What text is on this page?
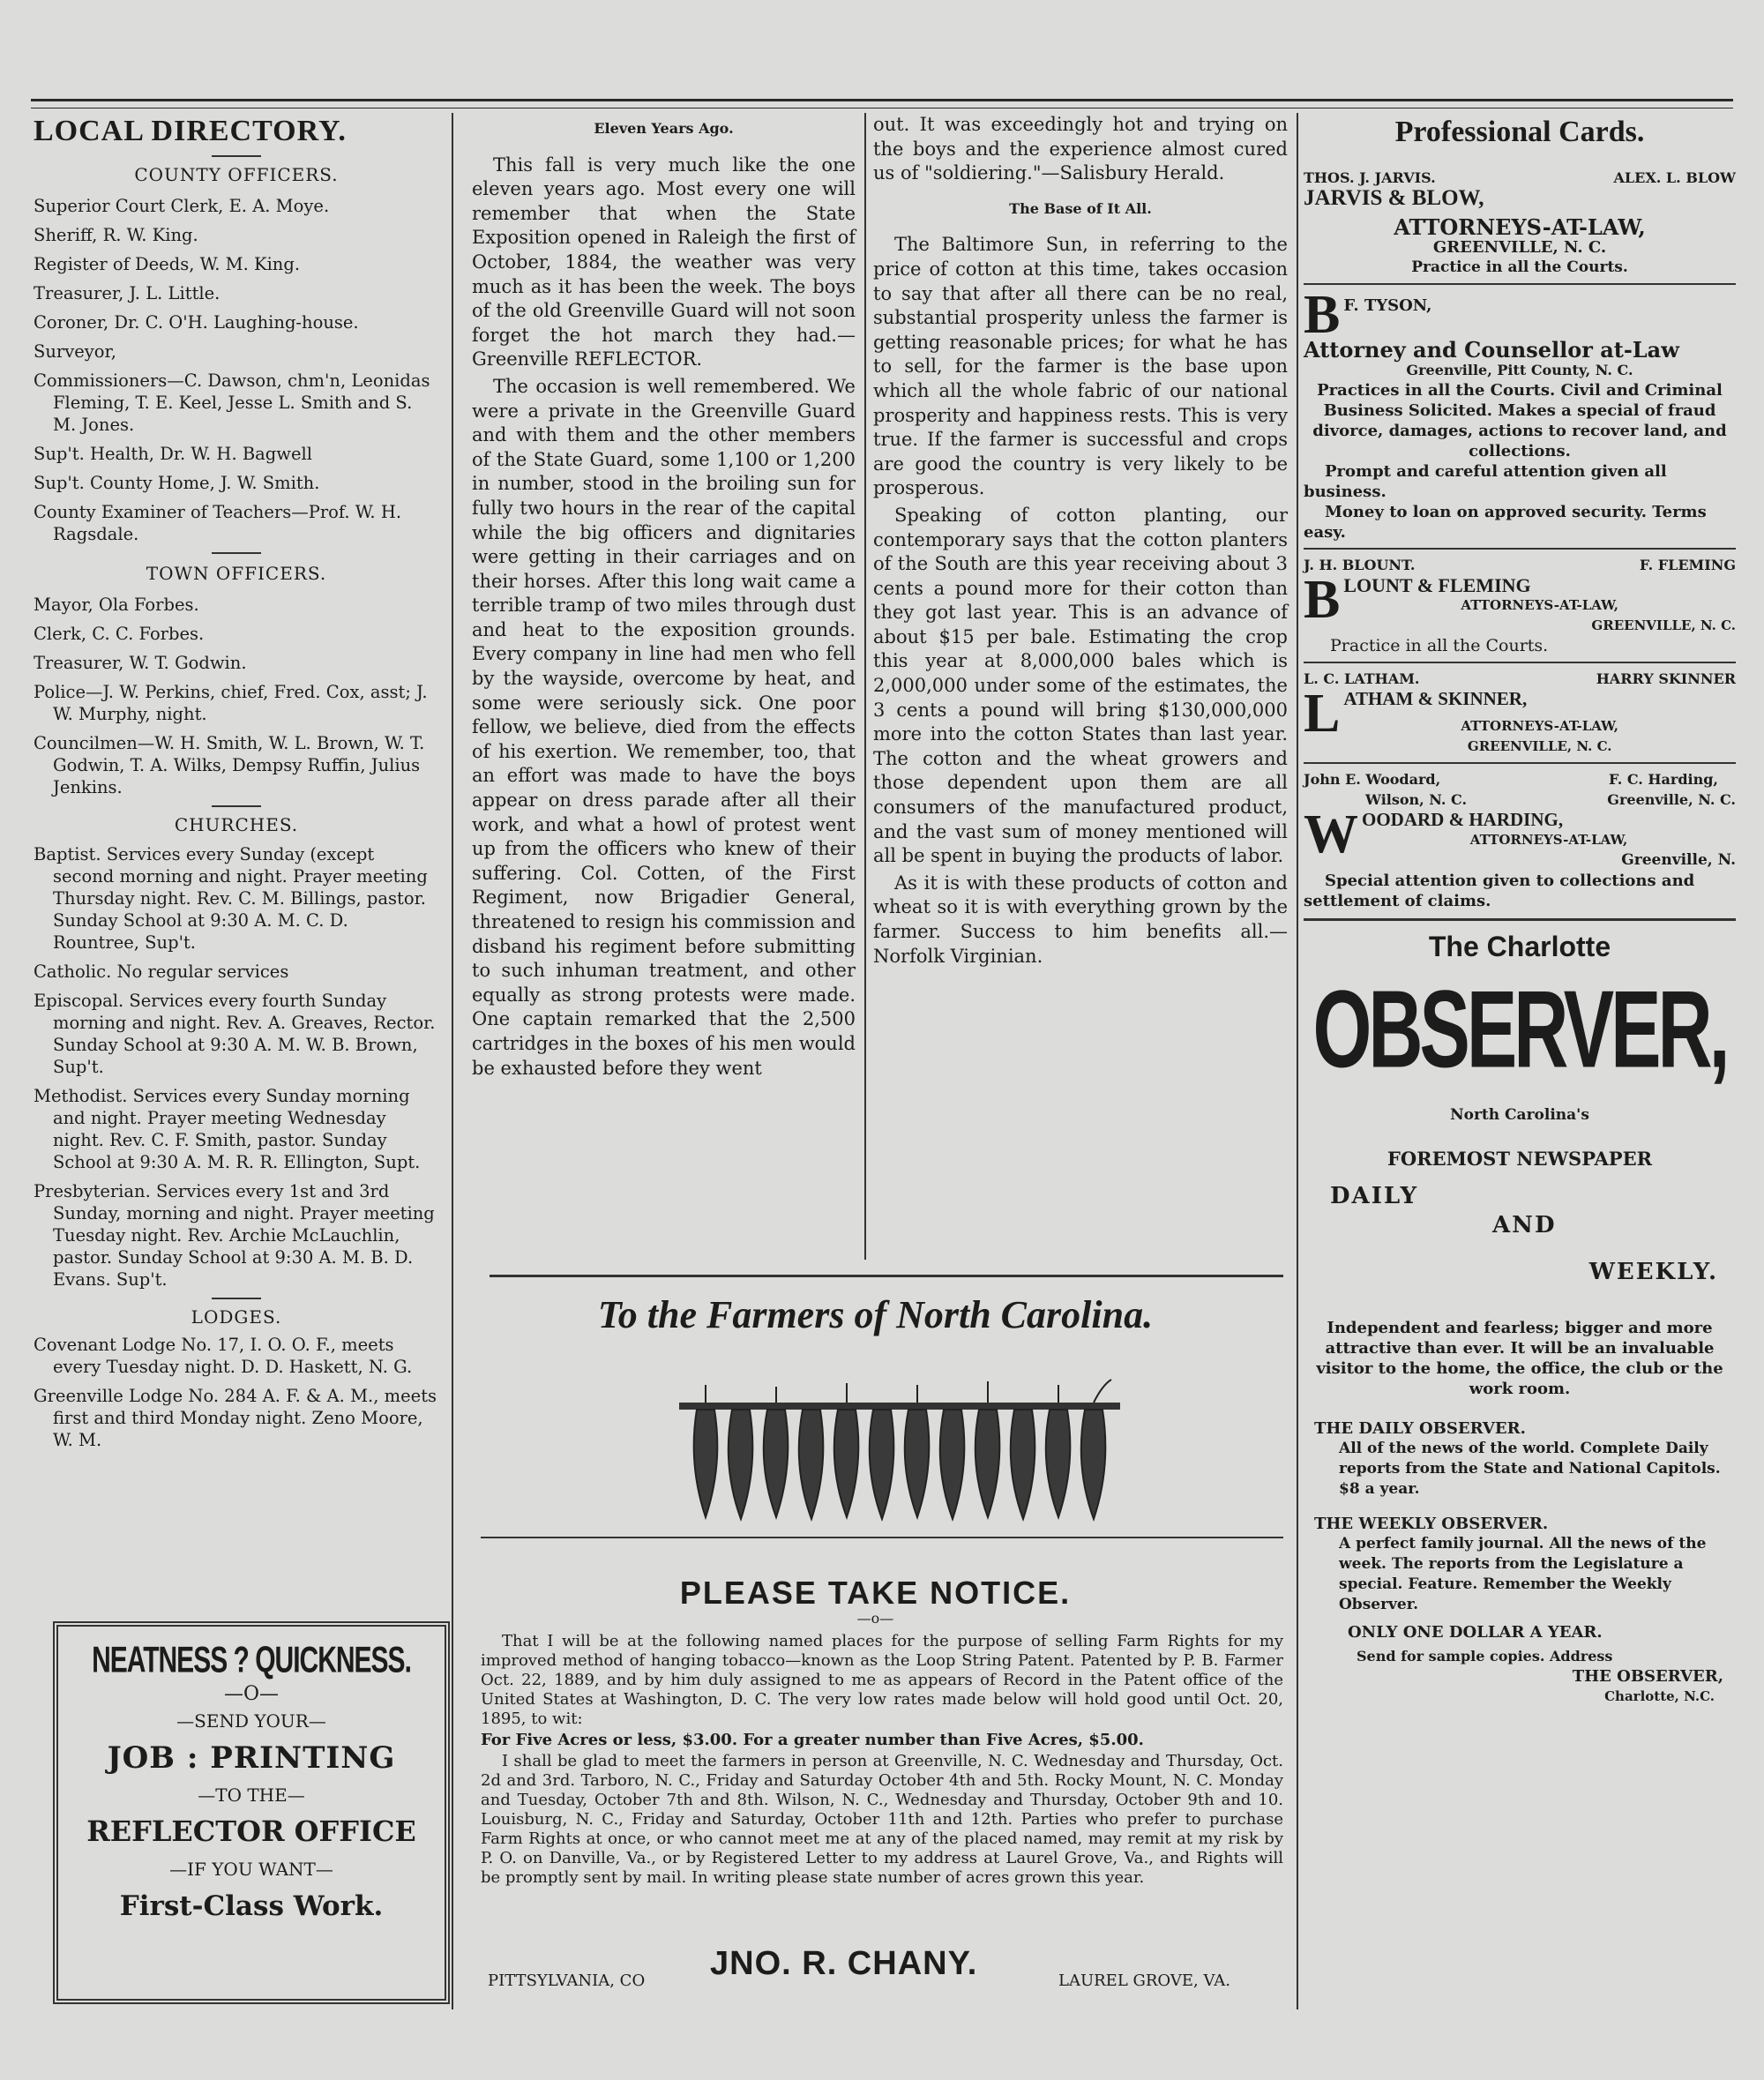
LOCAL DIRECTORY.
COUNTY OFFICERS.

Superior Court Clerk, E. A. Moye.

Sheriff, R. W. King.

Register of Deeds, W. M. King.

Treasurer, J. L. Little.

Coroner, Dr. C. O'H. Laughing-house.

Surveyor,

Commissioners—C. Dawson, chm'n, Leonidas Fleming, T. E. Keel, Jesse L. Smith and S. M. Jones.

Sup't. Health, Dr. W. H. Bagwell

Sup't. County Home, J. W. Smith.

County Examiner of Teachers—Prof. W. H. Ragsdale.

TOWN OFFICERS.

Mayor, Ola Forbes.

Clerk, C. C. Forbes.

Treasurer, W. T. Godwin.

Police—J. W. Perkins, chief, Fred. Cox, asst; J. W. Murphy, night.

Councilmen—W. H. Smith, W. L. Brown, W. T. Godwin, T. A. Wilks, Dempsy Ruffin, Julius Jenkins.

CHURCHES.

Baptist. Services every Sunday (except second morning and night. Prayer meeting Thursday night. Rev. C. M. Billings, pastor. Sunday School at 9:30 A. M. C. D. Rountree, Sup't.

Catholic. No regular services

Episcopal. Services every fourth Sunday morning and night. Rev. A. Greaves, Rector. Sunday School at 9:30 A. M. W. B. Brown, Sup't.

Methodist. Services every Sunday morning and night. Prayer meeting Wednesday night. Rev. C. F. Smith, pastor. Sunday School at 9:30 A. M. R. R. Ellington, Supt.

Presbyterian. Services every 1st and 3rd Sunday, morning and night. Prayer meeting Tuesday night. Rev. Archie McLauchlin, pastor. Sunday School at 9:30 A. M. B. D. Evans. Sup't.

LODGES.

Covenant Lodge No. 17, I. O. O. F., meets every Tuesday night. D. D. Haskett, N. G.

Greenville Lodge No. 284 A. F. & A. M., meets first and third Monday night. Zeno Moore, W. M.

NEATNESS ? QUICKNESS.
—O—
—SEND YOUR—
JOB : PRINTING
—TO THE—
REFLECTOR OFFICE
—IF YOU WANT—
First-Class Work.
Eleven Years Ago.

This fall is very much like the one eleven years ago. Most every one will remember that when the State Exposition opened in Raleigh the first of October, 1884, the weather was very much as it has been the week. The boys of the old Greenville Guard will not soon forget the hot march they had.—Greenville REFLECTOR.

The occasion is well remembered. We were a private in the Greenville Guard and with them and the other members of the State Guard, some 1,100 or 1,200 in number, stood in the broiling sun for fully two hours in the rear of the capital while the big officers and dignitaries were getting in their carriages and on their horses. After this long wait came a terrible tramp of two miles through dust and heat to the exposition grounds. Every company in line had men who fell by the wayside, overcome by heat, and some were seriously sick. One poor fellow, we believe, died from the effects of his exertion. We remember, too, that an effort was made to have the boys appear on dress parade after all their work, and what a howl of protest went up from the officers who knew of their suffering. Col. Cotten, of the First Regiment, now Brigadier General, threatened to resign his commission and disband his regiment before submitting to such inhuman treatment, and other equally as strong protests were made. One captain remarked that the 2,500 cartridges in the boxes of his men would be exhausted before they went

out. It was exceedingly hot and trying on the boys and the experience almost cured us of "soldiering."—Salisbury Herald.

The Base of It All.

The Baltimore Sun, in referring to the price of cotton at this time, takes occasion to say that after all there can be no real, substantial prosperity unless the farmer is getting reasonable prices; for what he has to sell, for the farmer is the base upon which all the whole fabric of our national prosperity and happiness rests. This is very true. If the farmer is successful and crops are good the country is very likely to be prosperous.

Speaking of cotton planting, our contemporary says that the cotton planters of the South are this year receiving about 3 cents a pound more for their cotton than they got last year. This is an advance of about $15 per bale. Estimating the crop this year at 8,000,000 bales which is 2,000,000 under some of the estimates, the 3 cents a pound will bring $130,000,000 more into the cotton States than last year. The cotton and the wheat growers and those dependent upon them are all consumers of the manufactured product, and the vast sum of money mentioned will all be spent in buying the products of labor.

As it is with these products of cotton and wheat so it is with everything grown by the farmer. Success to him benefits all.—Norfolk Virginian.

To the Farmers of North Carolina.
PLEASE TAKE NOTICE.
—o—

That I will be at the following named places for the purpose of selling Farm Rights for my improved method of hanging tobacco—known as the Loop String Patent. Patented by P. B. Farmer Oct. 22, 1889, and by him duly assigned to me as appears of Record in the Patent office of the United States at Washington, D. C. The very low rates made below will hold good until Oct. 20, 1895, to wit:

For Five Acres or less, $3.00. For a greater number than Five Acres, $5.00.

I shall be glad to meet the farmers in person at Greenville, N. C. Wednesday and Thursday, Oct. 2d and 3rd. Tarboro, N. C., Friday and Saturday October 4th and 5th. Rocky Mount, N. C. Monday and Tuesday, October 7th and 8th. Wilson, N. C., Wednesday and Thursday, October 9th and 10. Louisburg, N. C., Friday and Saturday, October 11th and 12th. Parties who prefer to purchase Farm Rights at once, or who cannot meet me at any of the placed named, may remit at my risk by P. O. on Danville, Va., or by Registered Letter to my address at Laurel Grove, Va., and Rights will be promptly sent by mail. In writing please state number of acres grown this year.

PITTSYLVANIA, CO JNO. R. CHANY.	LAUREL GROVE, VA.
Professional Cards.
THOS. J. JARVIS.	ALEX. L. BLOW
JARVIS & BLOW,
ATTORNEYS-AT-LAW,
GREENVILLE, N. C.
Practice in all the Courts.
B F. TYSON,
Attorney and Counsellor at-Law
Greenville, Pitt County, N. C.
Practices in all the Courts. Civil and Criminal Business Solicited. Makes a special of fraud divorce, damages, actions to recover land, and collections.
Prompt and careful attention given all business.
Money to loan on approved security. Terms easy.
J. H. BLOUNT.	F. FLEMING
B LOUNT & FLEMING
ATTORNEYS-AT-LAW,
GREENVILLE, N. C.
Practice in all the Courts.
L. C. LATHAM.	HARRY SKINNER
L ATHAM & SKINNER,
ATTORNEYS-AT-LAW,
GREENVILLE, N. C.
John E. Woodard,	F. C. Harding,
Wilson, N. C.	Greenville, N. C.
W OODARD & HARDING,
ATTORNEYS-AT-LAW,
Greenville, N.
Special attention given to collections and settlement of claims.
The Charlotte
OBSERVER,
North Carolina's
FOREMOST NEWSPAPER
DAILY
AND
WEEKLY.
Independent and fearless; bigger and more attractive than ever. It will be an invaluable visitor to the home, the office, the club or the work room.
THE DAILY OBSERVER.
All of the news of the world. Complete Daily reports from the State and National Capitols. $8 a year.
THE WEEKLY OBSERVER.
A perfect family journal. All the news of the week. The reports from the Legislature a special. Feature. Remember the Weekly Observer.
ONLY ONE DOLLAR A YEAR.
Send for sample copies. Address
THE OBSERVER,
Charlotte, N.C.
